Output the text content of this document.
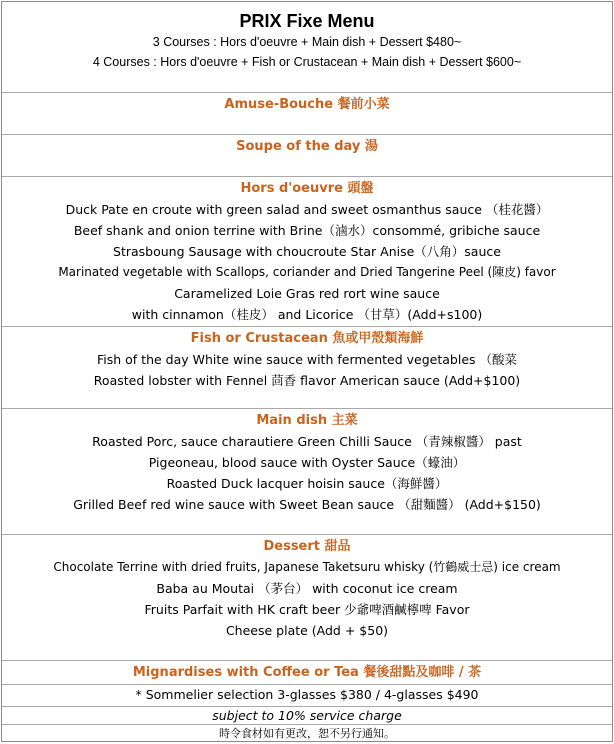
PRIX Fixe Menu
3 Courses : Hors d'oeuvre + Main dish + Dessert $480~
4 Courses : Hors d'oeuvre + Fish or Crustacean + Main dish + Dessert $600~
Amuse-Bouche 餐前小菜
Soupe of the day 湯
Hors d'oeuvre 頭盤
Duck Pate en croute with green salad and sweet osmanthus sauce （桂花醬）
Beef shank and onion terrine with Brine（滷水）consommé, gribiche sauce
Strasboung Sausage with choucroute Star Anise（八角）sauce
Marinated vegetable with Scallops, coriander and Dried Tangerine Peel (陳皮) favor
Caramelized Loie Gras red rort wine sauce
with cinnamon（桂皮） and Licorice （甘草）(Add+s100)
Fish or Crustacean 魚或甲殼類海鮮
Fish of the day White wine sauce with fermented vegetables （酸菜
Roasted lobster with Fennel 茴香 flavor American sauce (Add+$100)
Main dish 主菜
Roasted Porc, sauce charautiere Green Chilli Sauce （青辣椒醬） past
Pigeoneau, blood sauce with Oyster Sauce（蠔油）
Roasted Duck lacquer hoisin sauce（海鮮醬）
Grilled Beef red wine sauce with Sweet Bean sauce （甜麵醬） (Add+$150)
Dessert 甜品
Chocolate Terrine with dried fruits, Japanese Taketsuru whisky (竹鶴威士忌) ice cream
Baba au Moutai （茅台） with coconut ice cream
Fruits Parfait with HK craft beer 少爺啤酒鹹檸啤 Favor
Cheese plate (Add + $50)
Mignardises with Coffee or Tea 餐後甜點及咖啡 / 茶
* Sommelier selection 3-glasses $380 / 4-glasses $490
subject to 10% service charge
時令食材如有更改，恕不另行通知。
